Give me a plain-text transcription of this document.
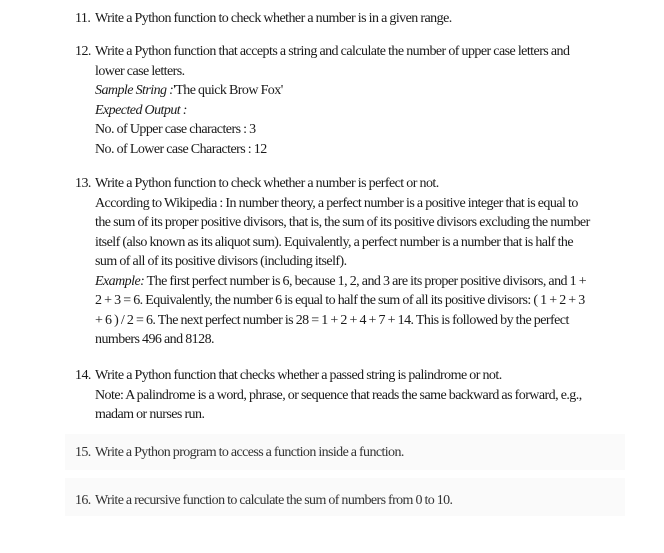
11. Write a Python function to check whether a number is in a given range.
12. Write a Python function that accepts a string and calculate the number of upper case letters and
lower case letters.
Sample String :'The quick Brow Fox'
Expected Output :
No. of Upper case characters : 3
No. of Lower case Characters : 12
13. Write a Python function to check whether a number is perfect or not.
According to Wikipedia : In number theory, a perfect number is a positive integer that is equal to
the sum of its proper positive divisors, that is, the sum of its positive divisors excluding the number
itself (also known as its aliquot sum). Equivalently, a perfect number is a number that is half the
sum of all of its positive divisors (including itself).
Example: The first perfect number is 6, because 1, 2, and 3 are its proper positive divisors, and 1 +
2 + 3 = 6. Equivalently, the number 6 is equal to half the sum of all its positive divisors: ( 1 + 2 + 3
+ 6 ) / 2 = 6. The next perfect number is 28 = 1 + 2 + 4 + 7 + 14. This is followed by the perfect
numbers 496 and 8128.
14. Write a Python function that checks whether a passed string is palindrome or not.
Note: A palindrome is a word, phrase, or sequence that reads the same backward as forward, e.g.,
madam or nurses run.
15. Write a Python program to access a function inside a function.
16. Write a recursive function to calculate the sum of numbers from 0 to 10.
